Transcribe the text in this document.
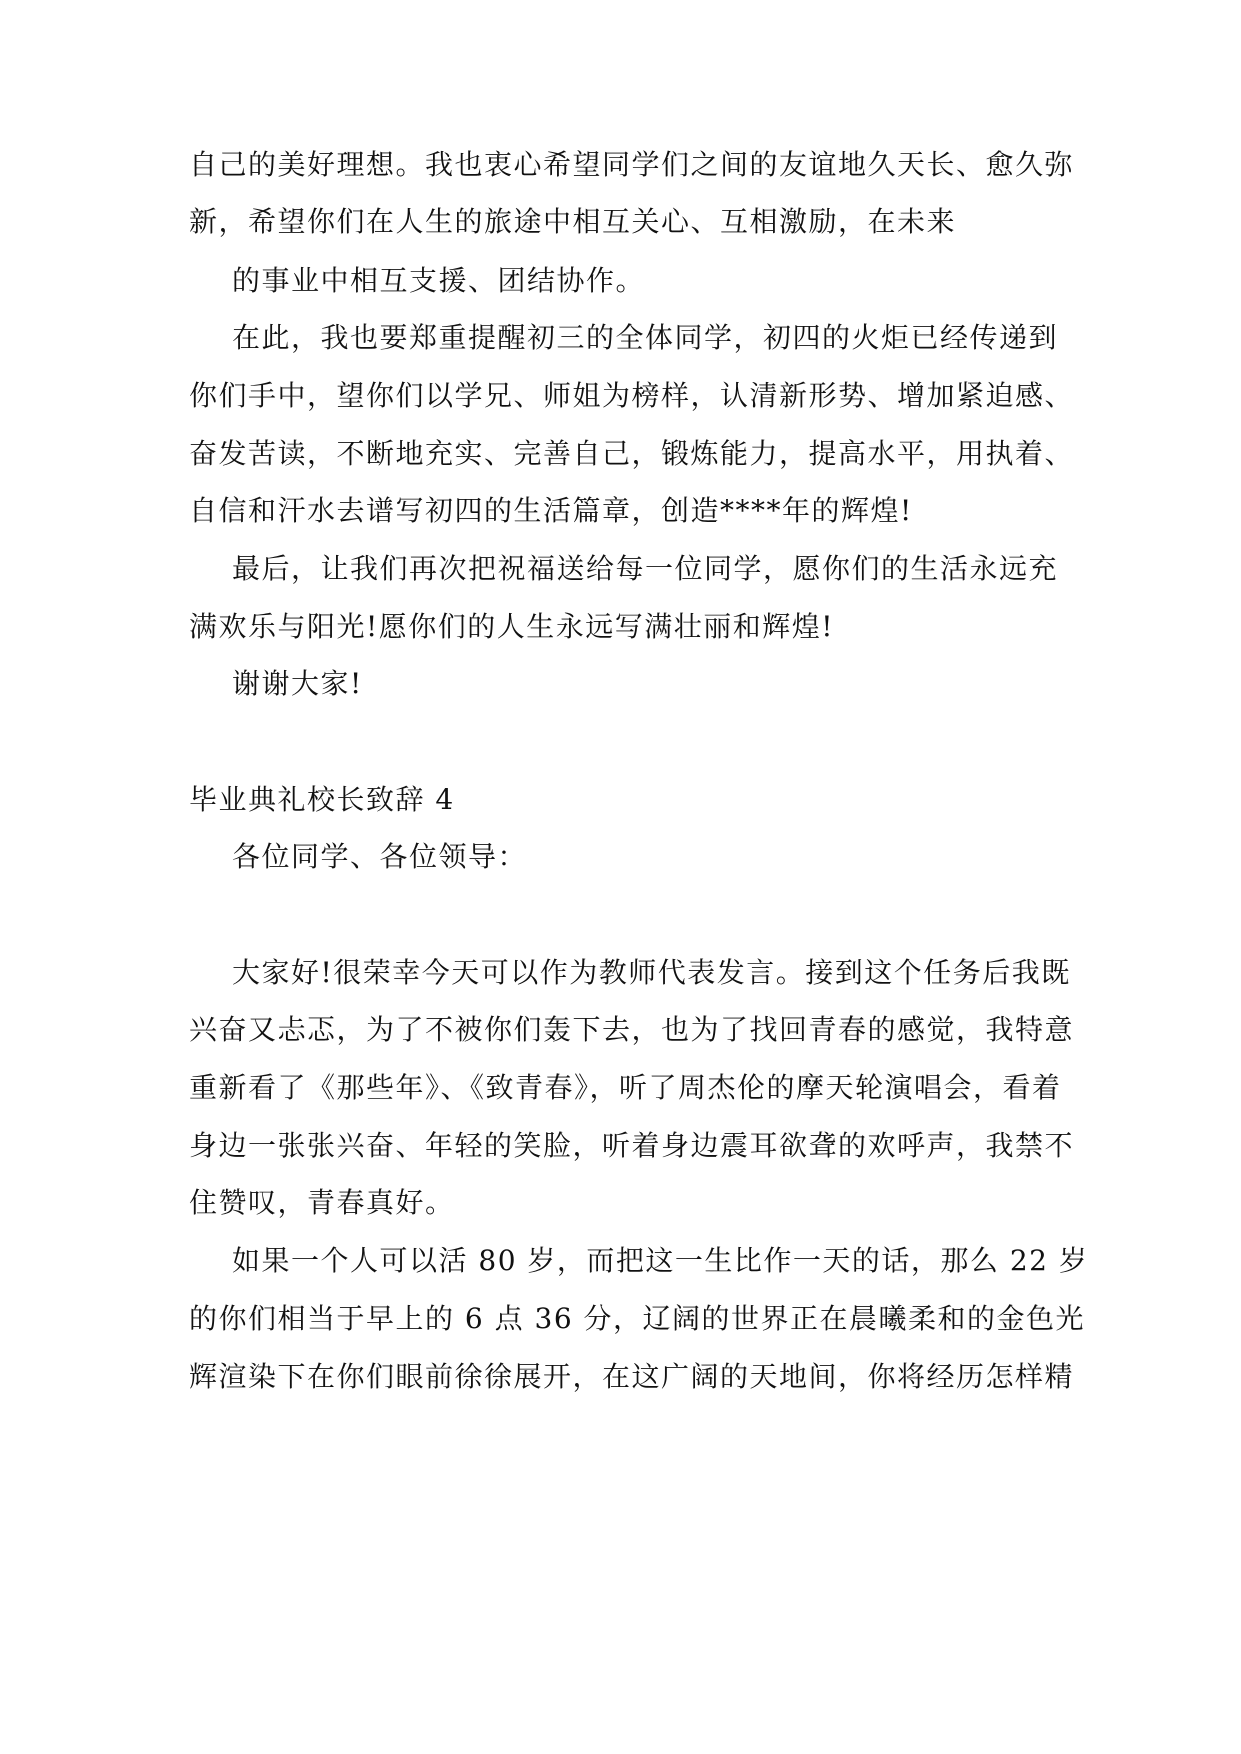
自己的美好理想。我也衷心希望同学们之间的友谊地久天长、愈久弥
新，希望你们在人生的旅途中相互关心、互相激励，在未来
的事业中相互支援、团结协作。
在此，我也要郑重提醒初三的全体同学，初四的火炬已经传递到
你们手中，望你们以学兄、师姐为榜样，认清新形势、增加紧迫感、
奋发苦读，不断地充实、完善自己，锻炼能力，提高水平，用执着、
自信和汗水去谱写初四的生活篇章，创造****年的辉煌!
最后，让我们再次把祝福送给每一位同学，愿你们的生活永远充
满欢乐与阳光!愿你们的人生永远写满壮丽和辉煌!
谢谢大家!
毕业典礼校长致辞 4
各位同学、各位领导：
大家好!很荣幸今天可以作为教师代表发言。接到这个任务后我既
兴奋又忐忑，为了不被你们轰下去，也为了找回青春的感觉，我特意
重新看了《那些年》、《致青春》，听了周杰伦的摩天轮演唱会，看着
身边一张张兴奋、年轻的笑脸，听着身边震耳欲聋的欢呼声，我禁不
住赞叹，青春真好。
如果一个人可以活 80 岁，而把这一生比作一天的话，那么 22 岁
的你们相当于早上的 6 点 36 分，辽阔的世界正在晨曦柔和的金色光
辉渲染下在你们眼前徐徐展开，在这广阔的天地间，你将经历怎样精
